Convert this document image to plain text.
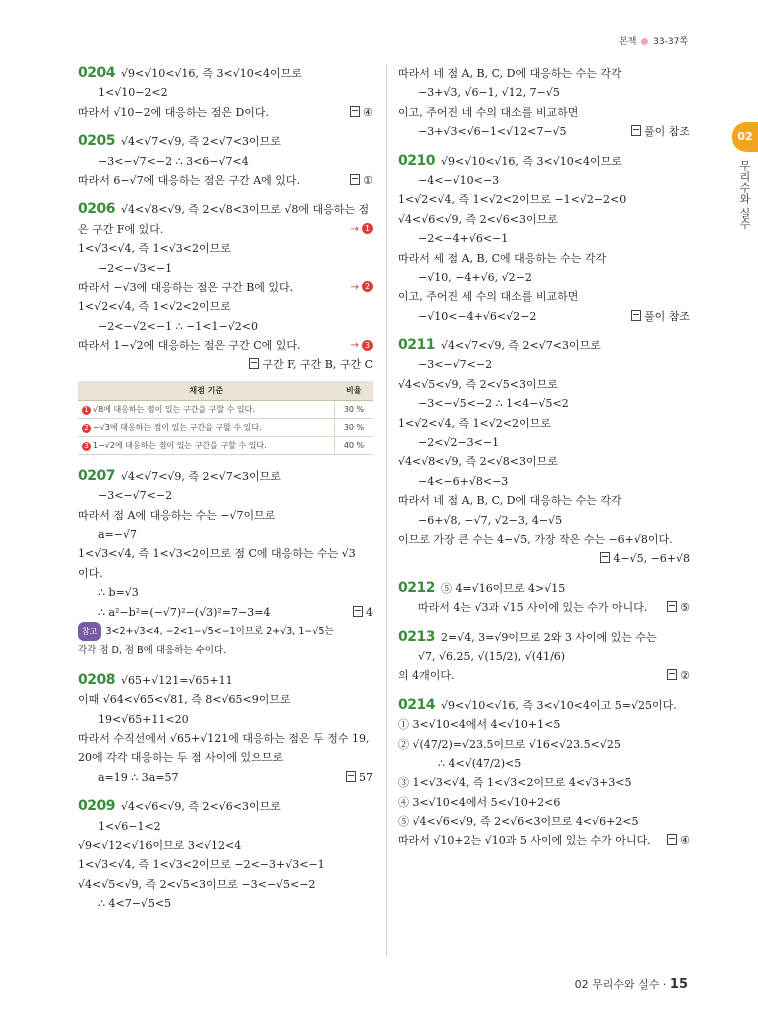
본책 33-37쪽
0204 √9<√10<√16, 즉 3<√10<4이므로
1<√10−2<2
따라서 √10−2에 대응하는 점은 D이다.	④
0205 √4<√7<√9, 즉 2<√7<3이므로
−3<−√7<−2 ∴ 3<6−√7<4
따라서 6−√7에 대응하는 점은 구간 A에 있다.	①
0206 √4<√8<√9, 즉 2<√8<3이므로 √8에 대응하는 점
은 구간 F에 있다.	→ 1
1<√3<√4, 즉 1<√3<2이므로
−2<−√3<−1
따라서 −√3에 대응하는 점은 구간 B에 있다.	→ 2
1<√2<√4, 즉 1<√2<2이므로
−2<−√2<−1 ∴ −1<1−√2<0
따라서 1−√2에 대응하는 점은 구간 C에 있다.	→ 3
구간 F, 구간 B, 구간 C
채점 기준	비율
1 √8에 대응하는 점이 있는 구간을 구할 수 있다.	30 %
2 −√3에 대응하는 점이 있는 구간을 구할 수 있다.	30 %
3 1−√2에 대응하는 점이 있는 구간을 구할 수 있다.	40 %
0207 √4<√7<√9, 즉 2<√7<3이므로
−3<−√7<−2
따라서 점 A에 대응하는 수는 −√7이므로
a=−√7
1<√3<√4, 즉 1<√3<2이므로 점 C에 대응하는 수는 √3
이다.
∴ b=√3
∴ a²−b²=(−√7)²−(√3)²=7−3=4	4
참고 3<2+√3<4, −2<1−√5<−1이므로 2+√3, 1−√5는
각각 점 D, 점 B에 대응하는 수이다.
0208 √65+√121=√65+11
이때 √64<√65<√81, 즉 8<√65<9이므로
19<√65+11<20
따라서 수직선에서 √65+√121에 대응하는 점은 두 정수 19,
20에 각각 대응하는 두 점 사이에 있으므로
a=19 ∴ 3a=57	57
0209 √4<√6<√9, 즉 2<√6<3이므로
1<√6−1<2
√9<√12<√16이므로 3<√12<4
1<√3<√4, 즉 1<√3<2이므로 −2<−3+√3<−1
√4<√5<√9, 즉 2<√5<3이므로 −3<−√5<−2
∴ 4<7−√5<5
따라서 네 점 A, B, C, D에 대응하는 수는 각각
−3+√3, √6−1, √12, 7−√5
이고, 주어진 네 수의 대소를 비교하면
−3+√3<√6−1<√12<7−√5	풀이 참조
0210 √9<√10<√16, 즉 3<√10<4이므로
−4<−√10<−3
1<√2<√4, 즉 1<√2<2이므로 −1<√2−2<0
√4<√6<√9, 즉 2<√6<3이므로
−2<−4+√6<−1
따라서 세 점 A, B, C에 대응하는 수는 각각
−√10, −4+√6, √2−2
이고, 주어진 세 수의 대소를 비교하면
−√10<−4+√6<√2−2	풀이 참조
0211 √4<√7<√9, 즉 2<√7<3이므로
−3<−√7<−2
√4<√5<√9, 즉 2<√5<3이므로
−3<−√5<−2 ∴ 1<4−√5<2
1<√2<√4, 즉 1<√2<2이므로
−2<√2−3<−1
√4<√8<√9, 즉 2<√8<3이므로
−4<−6+√8<−3
따라서 네 점 A, B, C, D에 대응하는 수는 각각
−6+√8, −√7, √2−3, 4−√5
이므로 가장 큰 수는 4−√5, 가장 작은 수는 −6+√8이다.
4−√5, −6+√8
0212 ⑤ 4=√16이므로 4>√15
따라서 4는 √3과 √15 사이에 있는 수가 아니다.	⑤
0213 2=√4, 3=√9이므로 2와 3 사이에 있는 수는
√7, √6.25, √(15/2), √(41/6)
의 4개이다.	②
0214 √9<√10<√16, 즉 3<√10<4이고 5=√25이다.
① 3<√10<4에서 4<√10+1<5
② √(47/2)=√23.5이므로 √16<√23.5<√25
∴ 4<√(47/2)<5
③ 1<√3<√4, 즉 1<√3<2이므로 4<√3+3<5
④ 3<√10<4에서 5<√10+2<6
⑤ √4<√6<√9, 즉 2<√6<3이므로 4<√6+2<5
따라서 √10+2는 √10과 5 사이에 있는 수가 아니다.	④
02
무리수와 실수
02 무리수와 실수 · 15
